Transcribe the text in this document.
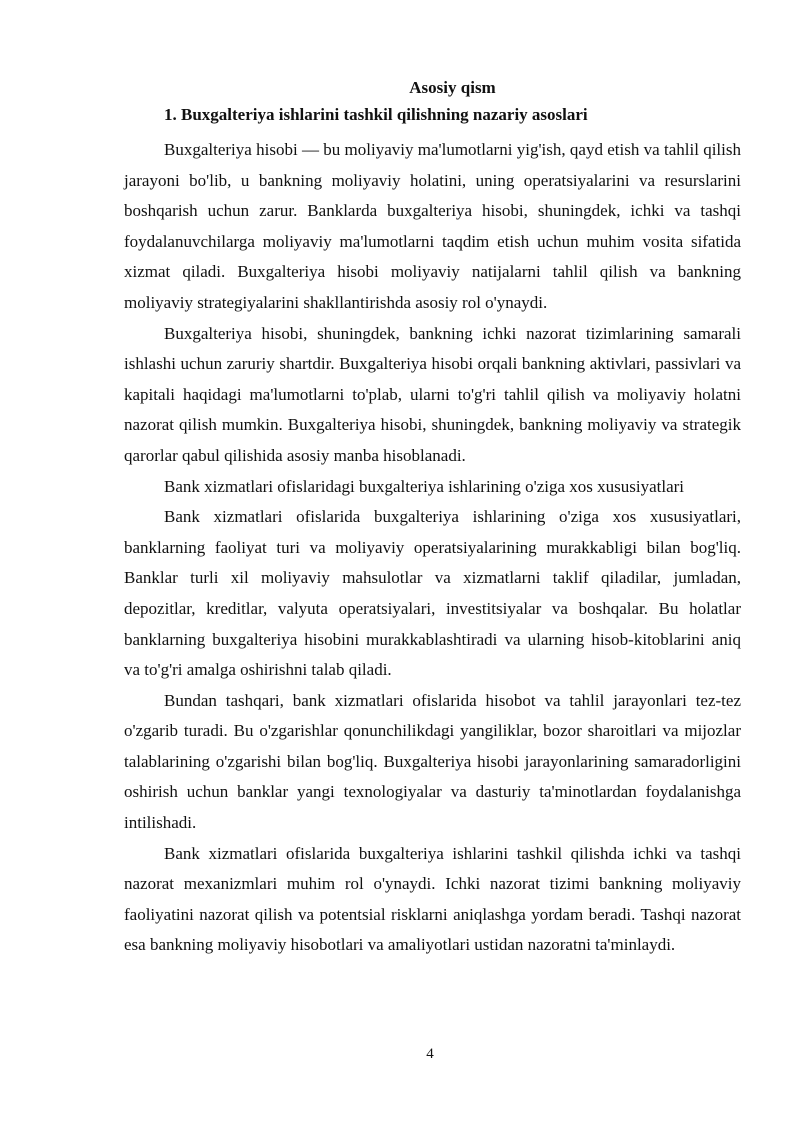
Asosiy qism

1. Buxgalteriya ishlarini tashkil qilishning nazariy asoslari

Buxgalteriya hisobi — bu moliyaviy ma'lumotlarni yig'ish, qayd etish va tahlil qilish jarayoni bo'lib, u bankning moliyaviy holatini, uning operatsiyalarini va resurslarini boshqarish uchun zarur. Banklarda buxgalteriya hisobi, shuningdek, ichki va tashqi foydalanuvchilarga moliyaviy ma'lumotlarni taqdim etish uchun muhim vosita sifatida xizmat qiladi. Buxgalteriya hisobi moliyaviy natijalarni tahlil qilish va bankning moliyaviy strategiyalarini shakllantirishda asosiy rol o'ynaydi.

Buxgalteriya hisobi, shuningdek, bankning ichki nazorat tizimlarining samarali ishlashi uchun zaruriy shartdir. Buxgalteriya hisobi orqali bankning aktivlari, passivlari va kapitali haqidagi ma'lumotlarni to'plab, ularni to'g'ri tahlil qilish va moliyaviy holatni nazorat qilish mumkin. Buxgalteriya hisobi, shuningdek, bankning moliyaviy va strategik qarorlar qabul qilishida asosiy manba hisoblanadi.

Bank xizmatlari ofislaridagi buxgalteriya ishlarining o'ziga xos xususiyatlari

Bank xizmatlari ofislarida buxgalteriya ishlarining o'ziga xos xususiyatlari, banklarning faoliyat turi va moliyaviy operatsiyalarining murakkabligi bilan bog'liq. Banklar turli xil moliyaviy mahsulotlar va xizmatlarni taklif qiladilar, jumladan, depozitlar, kreditlar, valyuta operatsiyalari, investitsiyalar va boshqalar. Bu holatlar banklarning buxgalteriya hisobini murakkablashtiradi va ularning hisob-kitoblarini aniq va to'g'ri amalga oshirishni talab qiladi.

Bundan tashqari, bank xizmatlari ofislarida hisobot va tahlil jarayonlari tez-tez o'zgarib turadi. Bu o'zgarishlar qonunchilikdagi yangiliklar, bozor sharoitlari va mijozlar talablarining o'zgarishi bilan bog'liq. Buxgalteriya hisobi jarayonlarining samaradorligini oshirish uchun banklar yangi texnologiyalar va dasturiy ta'minotlardan foydalanishga intilishadi.

Bank xizmatlari ofislarida buxgalteriya ishlarini tashkil qilishda ichki va tashqi nazorat mexanizmlari muhim rol o'ynaydi. Ichki nazorat tizimi bankning moliyaviy faoliyatini nazorat qilish va potentsial risklarni aniqlashga yordam beradi. Tashqi nazorat esa bankning moliyaviy hisobotlari va amaliyotlari ustidan nazoratni ta'minlaydi.

4
